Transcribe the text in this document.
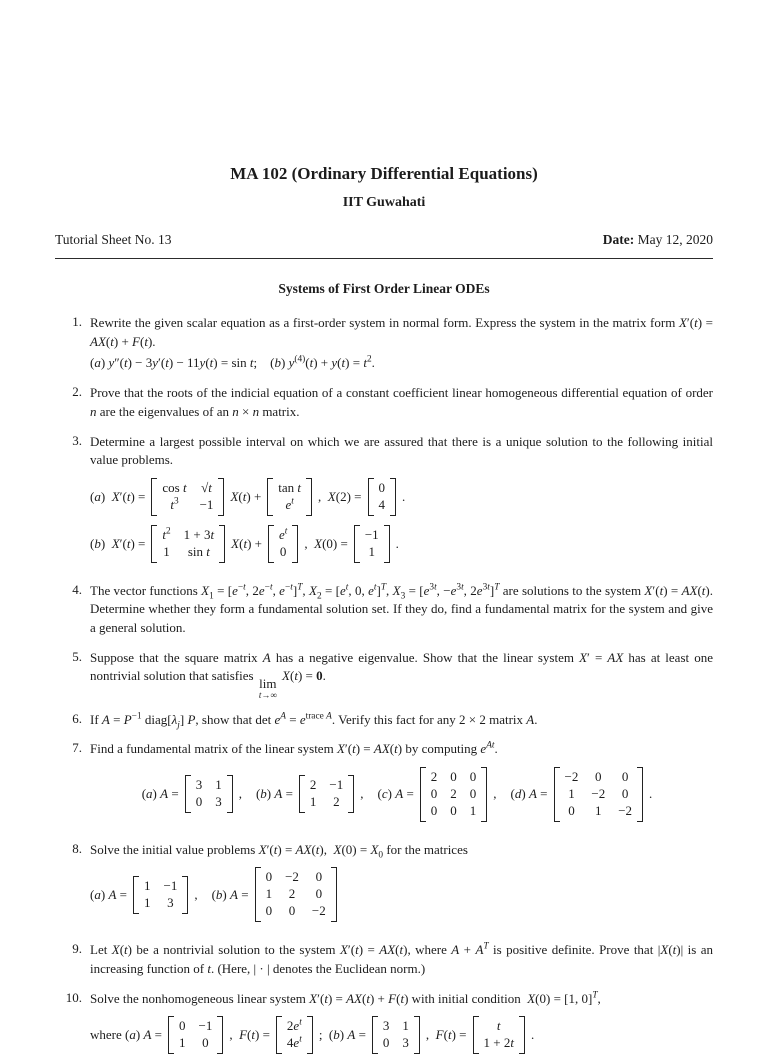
MA 102 (Ordinary Differential Equations)
IIT Guwahati
Tutorial Sheet No. 13	Date: May 12, 2020
Systems of First Order Linear ODEs
1. Rewrite the given scalar equation as a first-order system in normal form. Express the system in the matrix form X′(t) = AX(t) + F(t).

(a) y″(t) − 3y′(t) − 11y(t) = sin t; (b) $y^{(4)}(t) + y(t) = t^2$.

2. Prove that the roots of the indicial equation of a constant coefficient linear homogeneous differential equation of order n are the eigenvalues of an n × n matrix.

3. Determine a largest possible interval on which we are assured that there is a unique solution to the following initial value problems.

(a) X′(t) =
cos t √t
$t^3 -1$
X(t) +
tan t
$e^t$ , X(2) =
0
4
.
(b) X′(t) =
$t^2$ 1 + 3t
1 sin t
X(t) +
$e^t$
0
, X(0) =
−1
1
.
4. The vector functions $X_1 = [e^{-t}$, $2e^{-t}$, $e^{-t}]^T$, $X_2 = [e^t$, 0, $e^t]^T$, $X_3 = [e^{3t}$, $-e^{3t}$, $2e^{3t}]^T$ are solutions to the system X′(t) = AX(t). Determine whether they form a fundamental solution set. If they do, find a fundamental matrix for the system and give a general solution.

5. Suppose that the square matrix A has a negative eigenvalue. Show that the linear system X′ = AX has at least one nontrivial solution that satisfies lim
t→∞
X(t) = 0.

6. If $A = P^{-1}$ $diag[\lambda_j]$ P, show that $\det e^A = e^{trace A}$. Verify this fact for any 2 × 2 matrix A.

7. Find a fundamental matrix of the linear system X′(t) = AX(t) by computing $e^{At}$.

(a) A =
3 1
0 3
, (b) A =
2 −1
1 2
, (c) A =
2 0 0
0 2 0
0 0 1
, (d) A =
−2 0 0
1 −2 0
0 1 −2
.
8. Solve the initial value problems X′(t) = AX(t), $X(0) = X_0$ for the matrices

(a) A =
1 −1
1 3
, (b) A =
0 −2 0
1 2 0
0 0 −2
9. Let X(t) be a nontrivial solution to the system X′(t) = AX(t), where $A + A^T$ is positive definite. Prove that |X(t)| is an increasing function of t. (Here, | · | denotes the Euclidean norm.)

10. Solve the nonhomogeneous linear system X′(t) = AX(t) + F(t) with initial condition X(0) = [1, 0]$^T$,

where (a) A =
0 −1
1 0
, F(t) =
$2e^t$
$4e^t$ ; (b) A =
3 1
0 3
, F(t) =
t
1 + 2t
.
